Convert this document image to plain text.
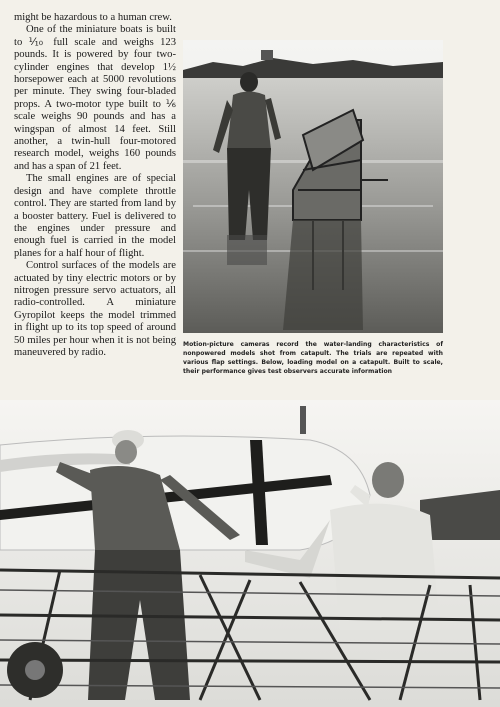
might be hazardous to a human crew.

One of the miniature boats is built to ⅒ full scale and weighs 123 pounds. It is powered by four two-cylinder engines that develop 1½ horsepower each at 5000 revolutions per minute. They swing four-bladed props. A two-motor type built to ⅙ scale weighs 90 pounds and has a wingspan of almost 14 feet. Still another, a twin-hull four-motored research model, weighs 160 pounds and has a span of 21 feet.

The small engines are of special design and have complete throttle control. They are started from land by a booster battery. Fuel is delivered to the engines under pressure and enough fuel is carried in the model planes for a half hour of flight.

Control surfaces of the models are actuated by tiny electric motors or by nitrogen pressure servo actuators, all radio-controlled. A miniature Gyropilot keeps the model trimmed in flight up to its top speed of around 50 miles per hour when it is not being maneuvered by radio.

Motion-picture cameras record the water-landing characteristics of nonpowered models shot from catapult. The trials are repeated with various flap settings. Below, loading model on a catapult. Built to scale, their performance gives test observers accurate information
